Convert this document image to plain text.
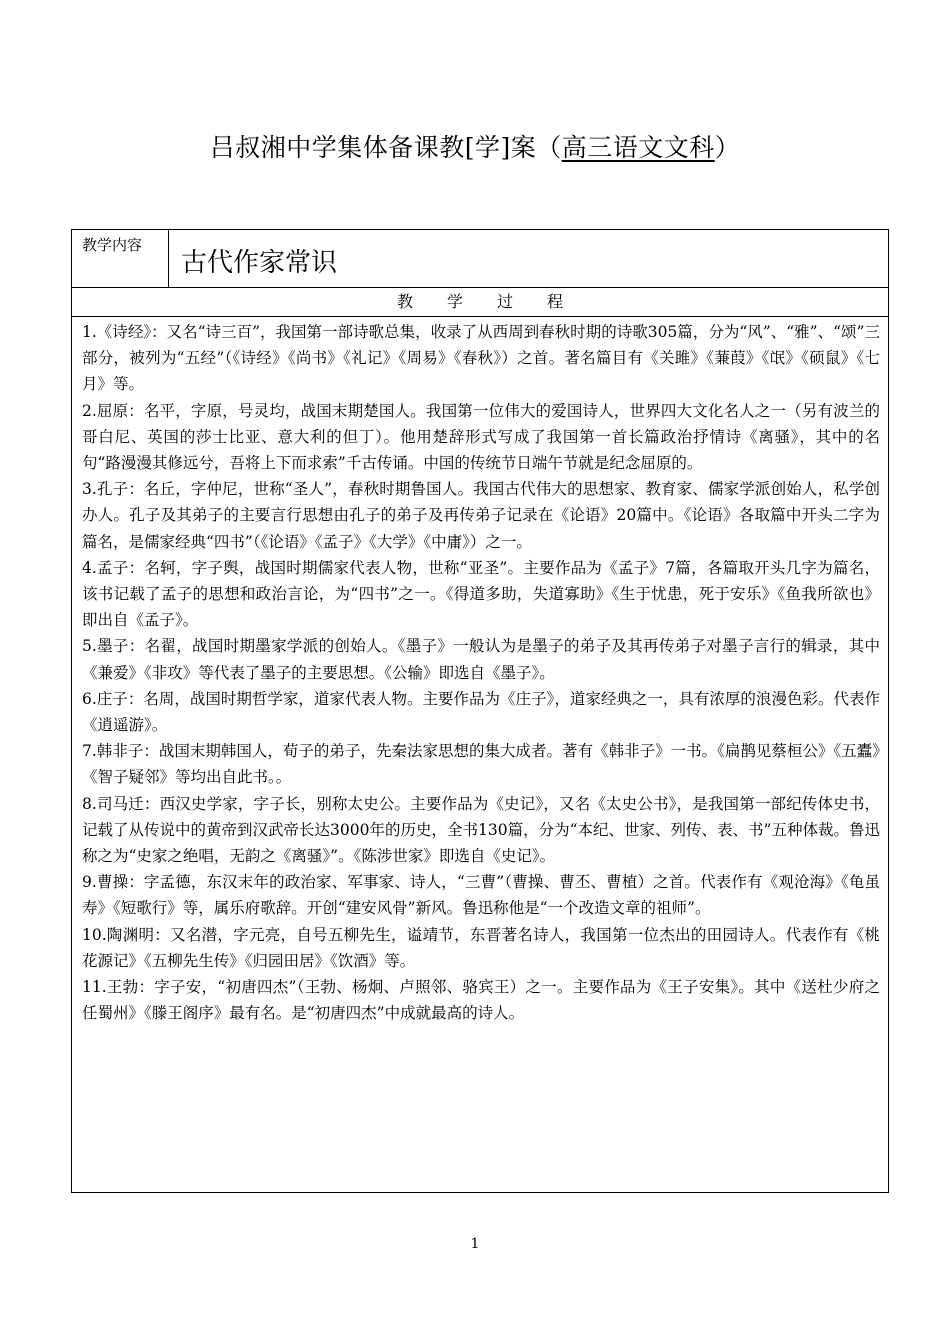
吕叔湘中学集体备课教[学]案（高三语文文科）
教学内容
古代作家常识
教学过程

1.《诗经》：又名“诗三百”，我国第一部诗歌总集，收录了从西周到春秋时期的诗歌305篇，分为“风”、“雅”、“颂”三部分，被列为“五经”（《诗经》《尚书》《礼记》《周易》《春秋》）之首。著名篇目有《关雎》《蒹葭》《氓》《硕鼠》《七月》等。

2.屈原：名平，字原，号灵均，战国末期楚国人。我国第一位伟大的爱国诗人，世界四大文化名人之一（另有波兰的哥白尼、英国的莎士比亚、意大利的但丁）。他用楚辞形式写成了我国第一首长篇政治抒情诗《离骚》，其中的名句“路漫漫其修远兮，吾将上下而求索”千古传诵。中国的传统节日端午节就是纪念屈原的。

3.孔子：名丘，字仲尼，世称“圣人”，春秋时期鲁国人。我国古代伟大的思想家、教育家、儒家学派创始人，私学创办人。孔子及其弟子的主要言行思想由孔子的弟子及再传弟子记录在《论语》20篇中。《论语》各取篇中开头二字为篇名，是儒家经典“四书”（《论语》《孟子》《大学》《中庸》）之一。

4.孟子：名轲，字子舆，战国时期儒家代表人物，世称“亚圣”。主要作品为《孟子》7篇，各篇取开头几字为篇名，该书记载了孟子的思想和政治言论，为“四书”之一。《得道多助，失道寡助》《生于忧患，死于安乐》《鱼我所欲也》即出自《孟子》。

5.墨子：名翟，战国时期墨家学派的创始人。《墨子》一般认为是墨子的弟子及其再传弟子对墨子言行的辑录，其中《兼爱》《非攻》等代表了墨子的主要思想。《公输》即选自《墨子》。

6.庄子：名周，战国时期哲学家，道家代表人物。主要作品为《庄子》，道家经典之一，具有浓厚的浪漫色彩。代表作《逍遥游》。

7.韩非子：战国末期韩国人，荀子的弟子，先秦法家思想的集大成者。著有《韩非子》一书。《扁鹊见蔡桓公》《五蠹》《智子疑邻》等均出自此书。。

8.司马迁：西汉史学家，字子长，别称太史公。主要作品为《史记》，又名《太史公书》，是我国第一部纪传体史书，记载了从传说中的黄帝到汉武帝长达3000年的历史，全书130篇，分为“本纪、世家、列传、表、书”五种体裁。鲁迅称之为“史家之绝唱，无韵之《离骚》”。《陈涉世家》即选自《史记》。

9.曹操：字孟德，东汉末年的政治家、军事家、诗人，“三曹”（曹操、曹丕、曹植）之首。代表作有《观沧海》《龟虽寿》《短歌行》等，属乐府歌辞。开创“建安风骨”新风。鲁迅称他是“一个改造文章的祖师”。

10.陶渊明：又名潜，字元亮，自号五柳先生，谥靖节，东晋著名诗人，我国第一位杰出的田园诗人。代表作有《桃花源记》《五柳先生传》《归园田居》《饮酒》等。

11.王勃：字子安，“初唐四杰”（王勃、杨炯、卢照邻、骆宾王）之一。主要作品为《王子安集》。其中《送杜少府之任蜀州》《滕王阁序》最有名。是“初唐四杰”中成就最高的诗人。

1
